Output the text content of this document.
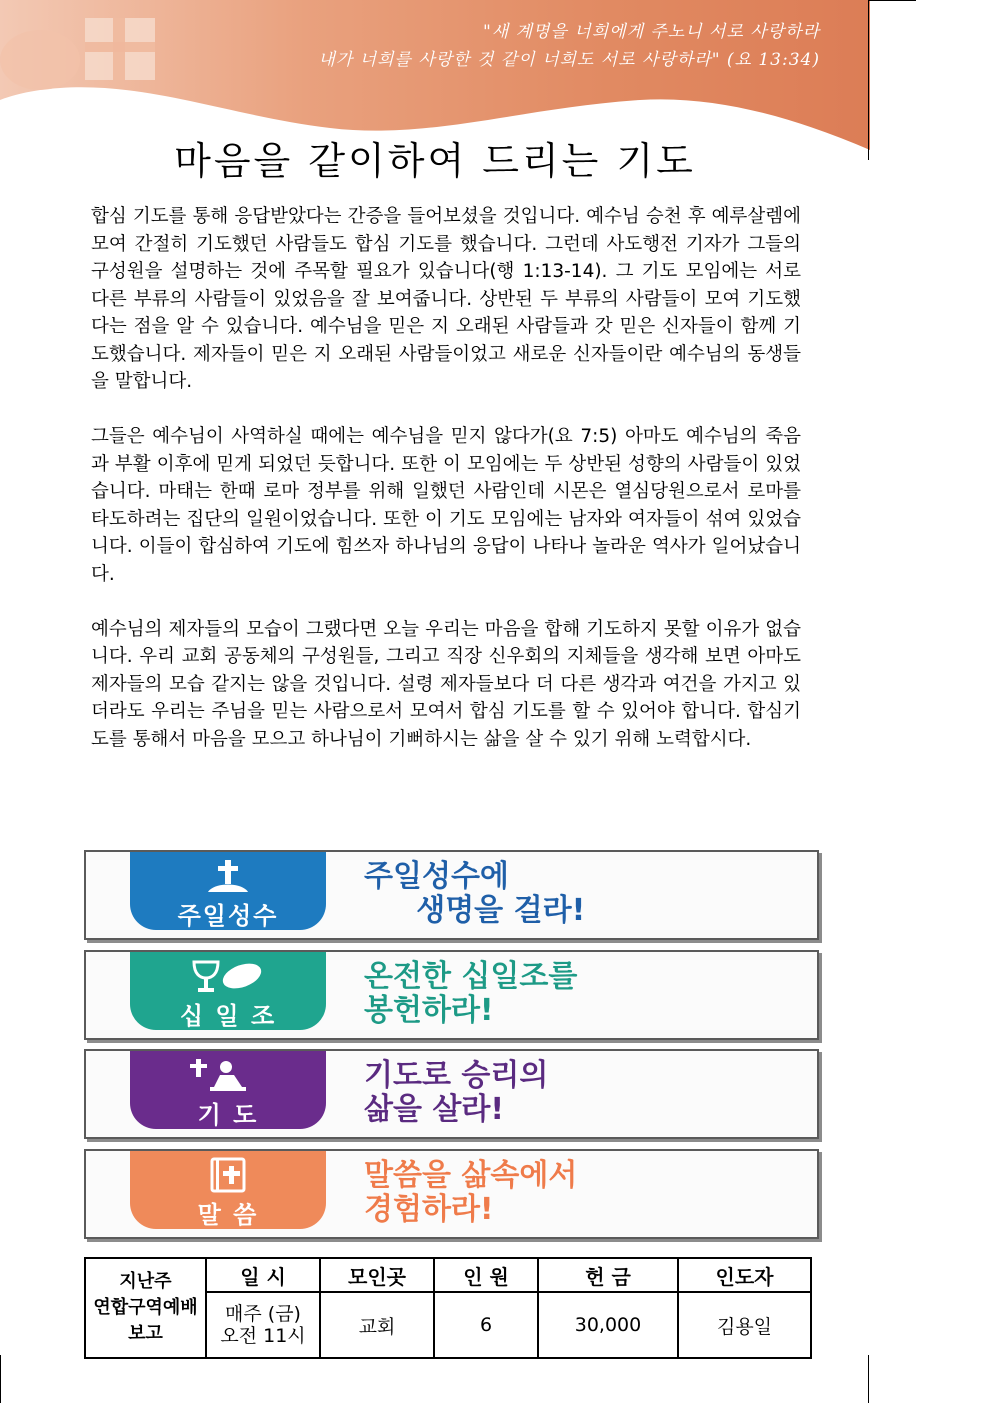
"새 계명을 너희에게 주노니 서로 사랑하라
내가 너희를 사랑한 것 같이 너희도 서로 사랑하라" (요 13:34)
마음을 같이하여 드리는 기도

합심 기도를 통해 응답받았다는 간증을 들어보셨을 것입니다. 예수님 승천 후 예루살렘에 모여 간절히 기도했던 사람들도 합심 기도를 했습니다. 그런데 사도행전 기자가 그들의 구성원을 설명하는 것에 주목할 필요가 있습니다(행 1:13-14). 그 기도 모임에는 서로 다른 부류의 사람들이 있었음을 잘 보여줍니다. 상반된 두 부류의 사람들이 모여 기도했다는 점을 알 수 있습니다. 예수님을 믿은 지 오래된 사람들과 갓 믿은 신자들이 함께 기도했습니다. 제자들이 믿은 지 오래된 사람들이었고 새로운 신자들이란 예수님의 동생들을 말합니다.

그들은 예수님이 사역하실 때에는 예수님을 믿지 않다가(요 7:5) 아마도 예수님의 죽음과 부활 이후에 믿게 되었던 듯합니다. 또한 이 모임에는 두 상반된 성향의 사람들이 있었습니다. 마태는 한때 로마 정부를 위해 일했던 사람인데 시몬은 열심당원으로서 로마를 타도하려는 집단의 일원이었습니다. 또한 이 기도 모임에는 남자와 여자들이 섞여 있었습니다. 이들이 합심하여 기도에 힘쓰자 하나님의 응답이 나타나 놀라운 역사가 일어났습니다.

예수님의 제자들의 모습이 그랬다면 오늘 우리는 마음을 합해 기도하지 못할 이유가 없습니다. 우리 교회 공동체의 구성원들, 그리고 직장 신우회의 지체들을 생각해 보면 아마도 제자들의 모습 같지는 않을 것입니다. 설령 제자들보다 더 다른 생각과 여건을 가지고 있더라도 우리는 주님을 믿는 사람으로서 모여서 합심 기도를 할 수 있어야 합니다. 합심기도를 통해서 마음을 모으고 하나님이 기뻐하시는 삶을 살 수 있기 위해 노력합시다.

주일성수
주일성수에
생명을 걸라!
십 일 조
온전한 십일조를
봉헌하라!
기 도
기도로 승리의
삶을 살라!
말 씀
말씀을 삶속에서
경험하라!
지난주
연합구역예배
보고	일 시	모인곳	인 원	헌 금	인도자
	매주 (금)
오전 11시	교회	6	30,000	김용일
